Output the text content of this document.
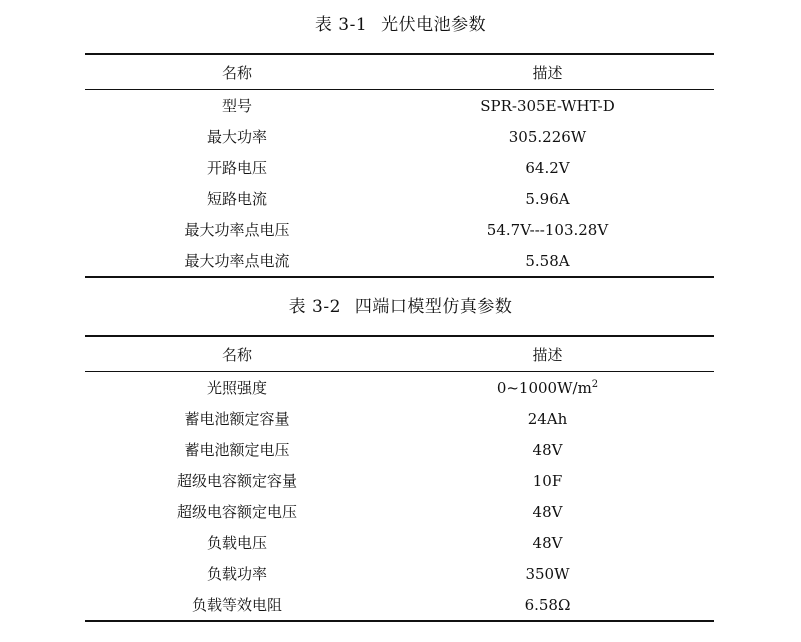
表 3-1 光伏电池参数
名称	描述
型号	SPR-305E-WHT-D
最大功率	305.226W
开路电压	64.2V
短路电流	5.96A
最大功率点电压	54.7V---103.28V
最大功率点电流	5.58A
表 3-2 四端口模型仿真参数
名称	描述
光照强度	$0\sim 1000W/m^2$
蓄电池额定容量	24Ah
蓄电池额定电压	48V
超级电容额定容量	10F
超级电容额定电压	48V
负载电压	48V
负载功率	350W
负载等效电阻	6.58Ω
